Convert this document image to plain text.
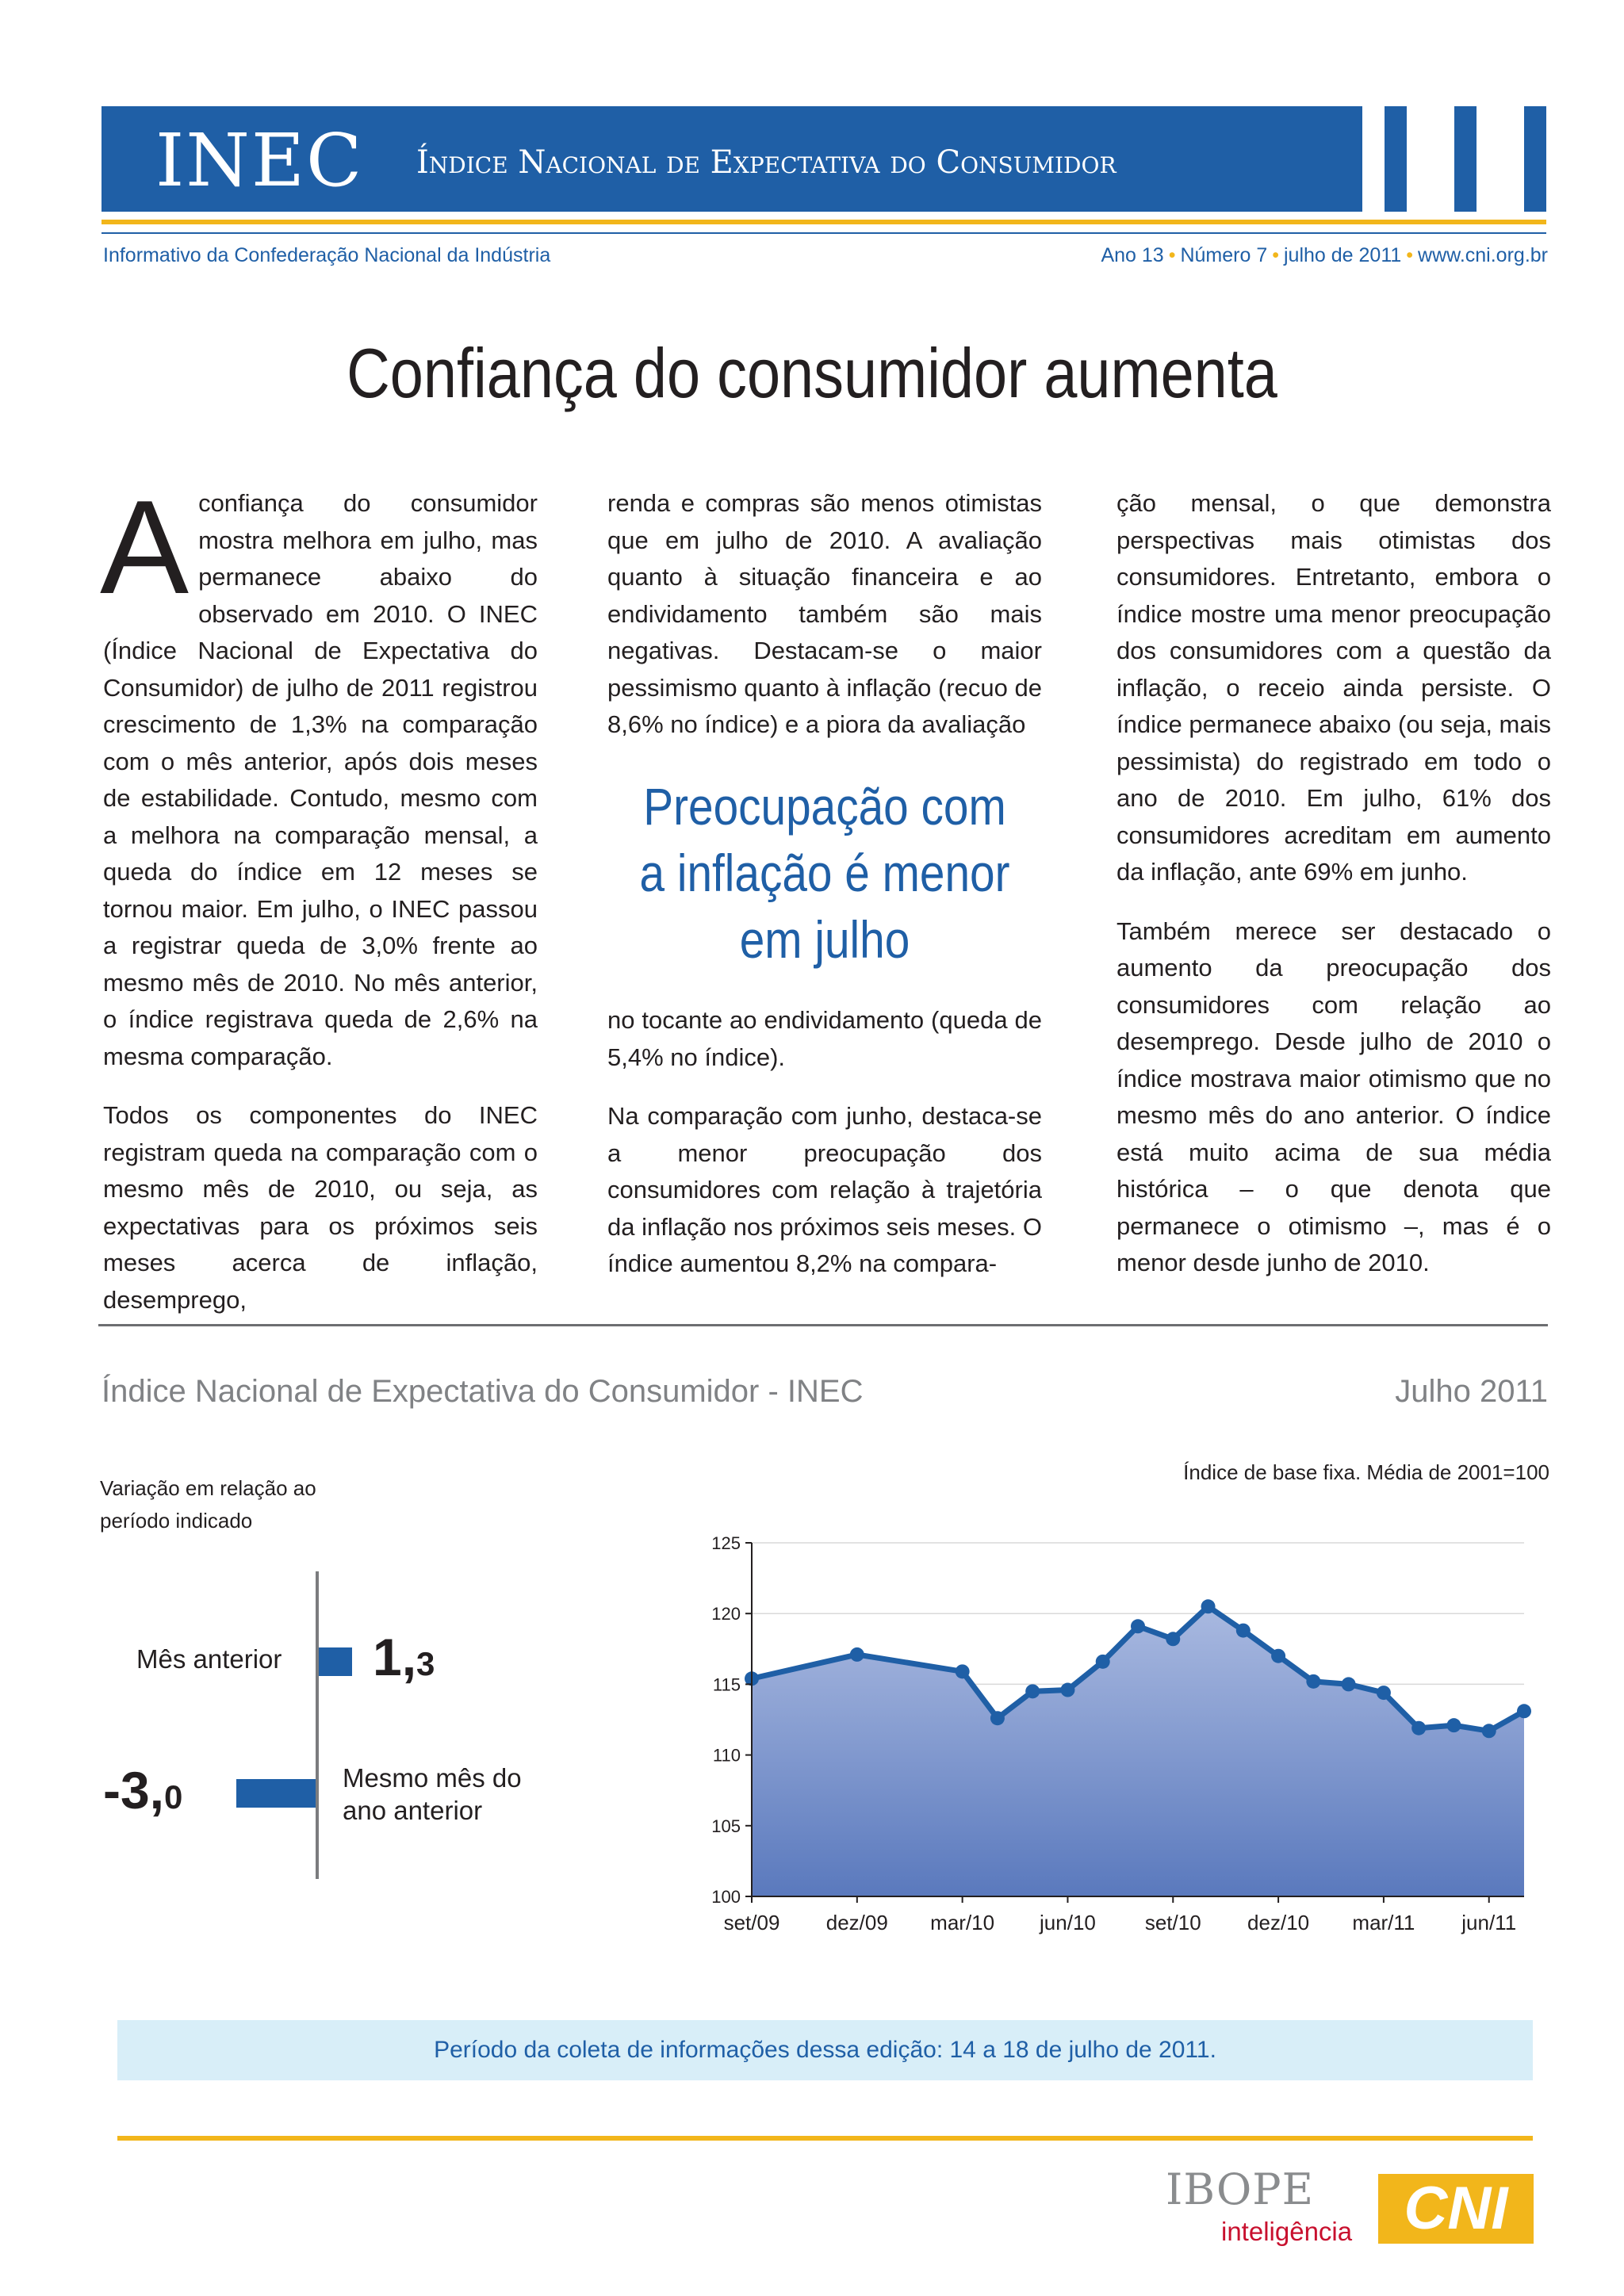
INEC Índice Nacional de Expectativa do Consumidor
Informativo da Confederação Nacional da Indústria	Ano 13 • Número 7 • julho de 2011 • www.cni.org.br
Confiança do consumidor aumenta

Aconfiança do consumidor mostra melhora em julho, mas permanece abaixo do observado em 2010. O INEC (Índice Nacional de Expectativa do Consumidor) de julho de 2011 registrou crescimento de 1,3% na comparação com o mês anterior, após dois meses de estabilidade. Contudo, mesmo com a melhora na comparação mensal, a queda do índice em 12 meses se tornou maior. Em julho, o INEC passou a registrar queda de 3,0% frente ao mesmo mês de 2010. No mês anterior, o índice registrava queda de 2,6% na mesma comparação.

Todos os componentes do INEC registram queda na comparação com o mesmo mês de 2010, ou seja, as expectativas para os próximos seis meses acerca de inflação, desemprego,

renda e compras são menos otimistas que em julho de 2010. A avaliação quanto à situação financeira e ao endividamento também são mais negativas. Destacam-se o maior pessimismo quanto à inflação (recuo de 8,6% no índice) e a piora da avaliação

Preocupação com a inflação é menor em julho

no tocante ao endividamento (queda de 5,4% no índice).

Na comparação com junho, destaca-se a menor preocupação dos consumidores com relação à trajetória da inflação nos próximos seis meses. O índice aumentou 8,2% na compara-

ção mensal, o que demonstra perspectivas mais otimistas dos consumidores. Entretanto, embora o índice mostre uma menor preocupação dos consumidores com a questão da inflação, o receio ainda persiste. O índice permanece abaixo (ou seja, mais pessimista) do registrado em todo o ano de 2010. Em julho, 61% dos consumidores acreditam em aumento da inflação, ante 69% em junho.

Também merece ser destacado o aumento da preocupação dos consumidores com relação ao desemprego. Desde julho de 2010 o índice mostrava maior otimismo que no mesmo mês do ano anterior. O índice está muito acima de sua média histórica – o que denota que permanece o otimismo –, mas é o menor desde junho de 2010.

Índice Nacional de Expectativa do Consumidor - INEC	Julho 2011
Variação em relação ao período indicado
Índice de base fixa. Média de 2001=100
Mês anterior
Mesmo mês do ano anterior
1,3
-3,0
100
105
110
115
120
125
set/09 dez/09 mar/10 jun/10 set/10 dez/10 mar/11 jun/11
Período da coleta de informações dessa edição: 14 a 18 de julho de 2011.
IBOPE
inteligência CNI
